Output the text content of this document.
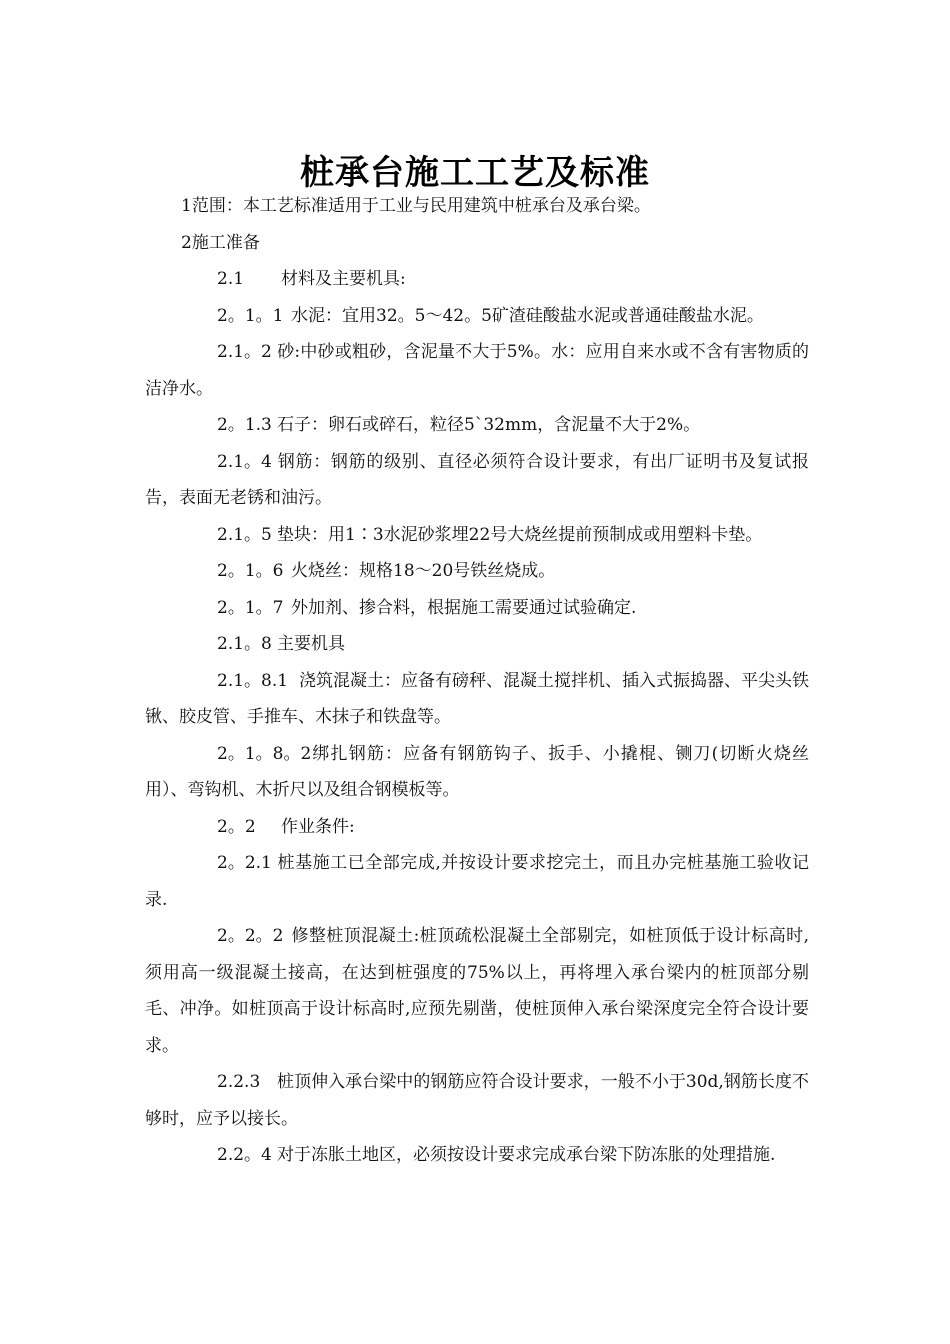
桩承台施工工艺及标准

1范围：本工艺标准适用于工业与民用建筑中桩承台及承台梁。

2施工准备

2.1 材料及主要机具:

2。1。1 水泥：宜用32。5～42。5矿渣硅酸盐水泥或普通硅酸盐水泥。

2.1。2 砂:中砂或粗砂，含泥量不大于5%。水：应用自来水或不含有害物质的洁净水。

2。1.3 石子：卵石或碎石，粒径5`32mm，含泥量不大于2%。

2.1。4 钢筋：钢筋的级别、直径必须符合设计要求，有出厂证明书及复试报告，表面无老锈和油污。

2.1。5 垫块：用1∶3水泥砂浆埋22号大烧丝提前预制成或用塑料卡垫。

2。1。6 火烧丝：规格18～20号铁丝烧成。

2。1。7 外加剂、掺合料，根据施工需要通过试验确定.

2.1。8 主要机具

2.1。8.1 浇筑混凝土：应备有磅秤、混凝土搅拌机、插入式振捣器、平尖头铁锹、胶皮管、手推车、木抹子和铁盘等。

2。1。8。2绑扎钢筋：应备有钢筋钩子、扳手、小撬棍、铡刀(切断火烧丝用）、弯钩机、木折尺以及组合钢模板等。

2。2 作业条件:

2。2.1 桩基施工已全部完成,并按设计要求挖完土，而且办完桩基施工验收记录.

2。2。2 修整桩顶混凝土:桩顶疏松混凝土全部剔完，如桩顶低于设计标高时,须用高一级混凝土接高，在达到桩强度的75%以上，再将埋入承台梁内的桩顶部分剔毛、冲净。如桩顶高于设计标高时,应预先剔凿，使桩顶伸入承台梁深度完全符合设计要求。

2.2.3 桩顶伸入承台梁中的钢筋应符合设计要求，一般不小于30d,钢筋长度不够时，应予以接长。

2.2。4 对于冻胀土地区，必须按设计要求完成承台梁下防冻胀的处理措施.
